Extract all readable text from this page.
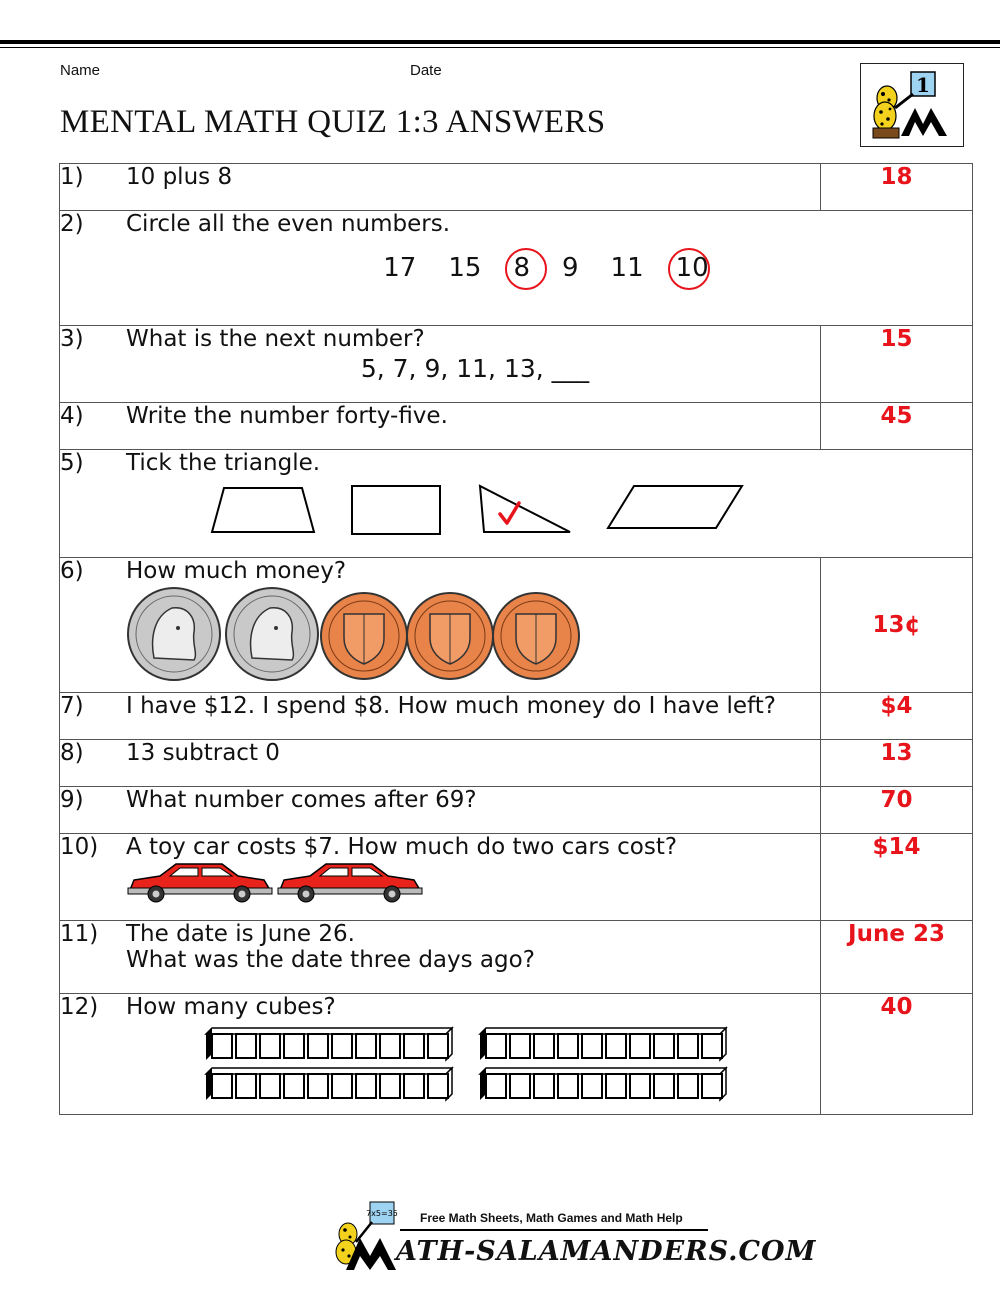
Name	Date
MENTAL MATH QUIZ 1:3 ANSWERS
1
1) 10 plus 8	18

2) Circle all the even numbers.
17 15 8 9 11 10	

3) What is the next number?
5, 7, 9, 11, 13, ___	15

4) Write the number forty-five.	45

5) Tick the triangle.	

6) How much money?	13¢

7) I have $12. I spend $8. How much money do I have left?	$4

8) 13 subtract 0	13

9) What number comes after 69?	70

10) A toy car costs $7. How much do two cars cost?	$14

11) The date is June 26.
What was the date three days ago?	June 23

12) How many cubes?	40
7x5=35 Free Math Sheets, Math Games and Math Help
ATH-SALAMANDERS.COM
